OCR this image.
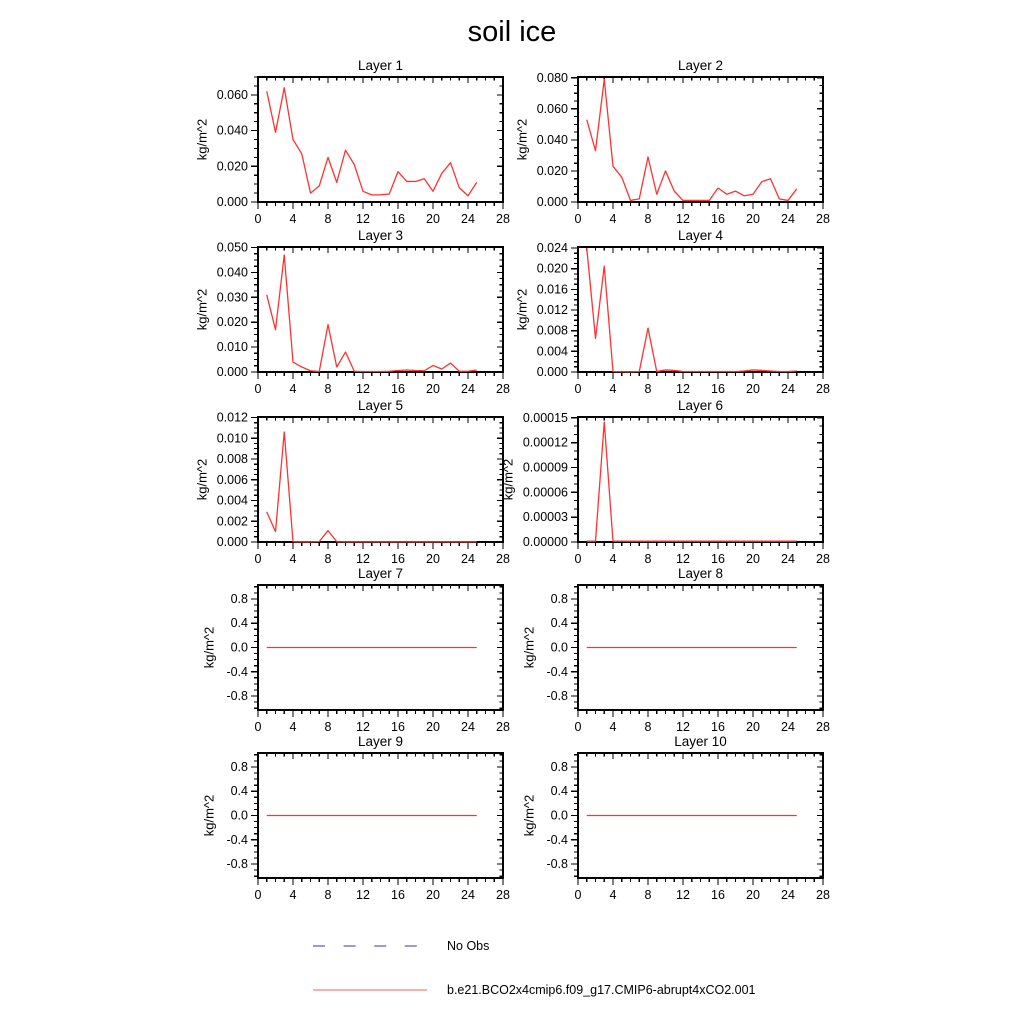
soil ice
0 4 8 12 16 20 24 28
0.000
0.020
0.040
0.060
Layer 1
kg/m^2
0 4 8 12 16 20 24 28
0.000
0.020
0.040
0.060
0.080
Layer 2
kg/m^2
0 4 8 12 16 20 24 28
0.000
0.010
0.020
0.030
0.040
0.050
Layer 3
kg/m^2
0 4 8 12 16 20 24 28
0.000
0.004
0.008
0.012
0.016
0.020
0.024
Layer 4
kg/m^2
0 4 8 12 16 20 24 28
0.000
0.002
0.004
0.006
0.008
0.010
0.012
Layer 5
kg/m^2
0 4 8 12 16 20 24 28
0.00000
0.00003
0.00006
0.00009
0.00012
0.00015
Layer 6
kg/m^2
0 4 8 12 16 20 24 28
-0.8
-0.4
0.0
0.4
0.8
Layer 7
kg/m^2
0 4 8 12 16 20 24 28
-0.8
-0.4
0.0
0.4
0.8
Layer 8
kg/m^2
0 4 8 12 16 20 24 28
-0.8
-0.4
0.0
0.4
0.8
Layer 9
kg/m^2
0 4 8 12 16 20 24 28
-0.8
-0.4
0.0
0.4
0.8
Layer 10
kg/m^2
No Obs
b.e21.BCO2x4cmip6.f09_g17.CMIP6-abrupt4xCO2.001
